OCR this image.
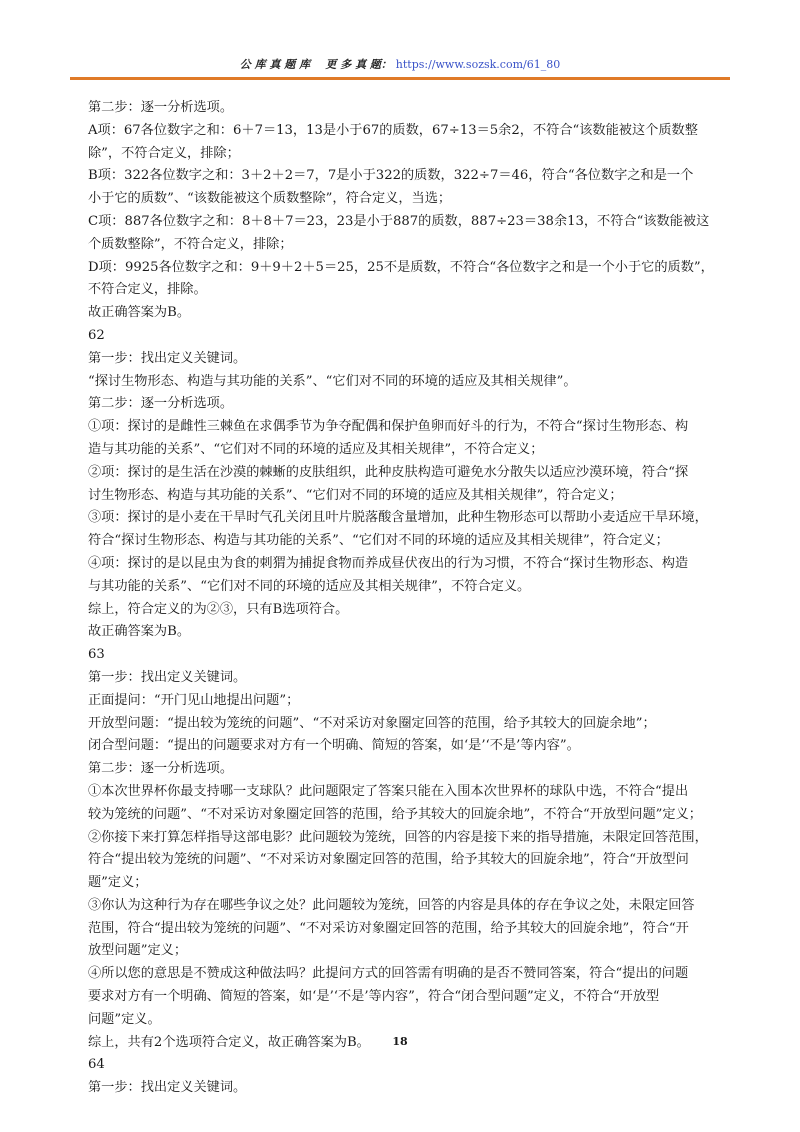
公 库 真 题 库 更 多 真 题： https://www.sozsk.com/61_80

第二步：逐一分析选项。

A项：67各位数字之和：6＋7＝13，13是小于67的质数，67÷13＝5余2，不符合“该数能被这个质数整

除”，不符合定义，排除；

B项：322各位数字之和：3＋2＋2＝7，7是小于322的质数，322÷7＝46，符合“各位数字之和是一个

小于它的质数”、“该数能被这个质数整除”，符合定义，当选；

C项：887各位数字之和：8＋8＋7＝23，23是小于887的质数，887÷23＝38余13，不符合“该数能被这

个质数整除”，不符合定义，排除；

D项：9925各位数字之和：9＋9＋2＋5＝25，25不是质数，不符合“各位数字之和是一个小于它的质数”，

不符合定义，排除。

故正确答案为B。

62

第一步：找出定义关键词。

“探讨生物形态、构造与其功能的关系”、“它们对不同的环境的适应及其相关规律”。

第二步：逐一分析选项。

①项：探讨的是雌性三棘鱼在求偶季节为争夺配偶和保护鱼卵而好斗的行为，不符合“探讨生物形态、构

造与其功能的关系”、“它们对不同的环境的适应及其相关规律”，不符合定义；

②项：探讨的是生活在沙漠的棘蜥的皮肤组织，此种皮肤构造可避免水分散失以适应沙漠环境，符合“探

讨生物形态、构造与其功能的关系”、“它们对不同的环境的适应及其相关规律”，符合定义；

③项：探讨的是小麦在干旱时气孔关闭且叶片脱落酸含量增加，此种生物形态可以帮助小麦适应干旱环境，

符合“探讨生物形态、构造与其功能的关系”、“它们对不同的环境的适应及其相关规律”，符合定义；

④项：探讨的是以昆虫为食的刺猬为捕捉食物而养成昼伏夜出的行为习惯，不符合“探讨生物形态、构造

与其功能的关系”、“它们对不同的环境的适应及其相关规律”，不符合定义。

综上，符合定义的为②③，只有B选项符合。

故正确答案为B。

63

第一步：找出定义关键词。

正面提问：“开门见山地提出问题”；

开放型问题：“提出较为笼统的问题”、“不对采访对象圈定回答的范围，给予其较大的回旋余地”；

闭合型问题：“提出的问题要求对方有一个明确、简短的答案，如‘是’‘不是’等内容”。

第二步：逐一分析选项。

①本次世界杯你最支持哪一支球队？此问题限定了答案只能在入围本次世界杯的球队中选，不符合“提出

较为笼统的问题”、“不对采访对象圈定回答的范围，给予其较大的回旋余地”，不符合“开放型问题”定义；

②你接下来打算怎样指导这部电影？此问题较为笼统，回答的内容是接下来的指导措施，未限定回答范围，

符合“提出较为笼统的问题”、“不对采访对象圈定回答的范围，给予其较大的回旋余地”，符合“开放型问

题”定义；

③你认为这种行为存在哪些争议之处？此问题较为笼统，回答的内容是具体的存在争议之处，未限定回答

范围，符合“提出较为笼统的问题”、“不对采访对象圈定回答的范围，给予其较大的回旋余地”，符合“开

放型问题”定义；

④所以您的意思是不赞成这种做法吗？此提问方式的回答需有明确的是否不赞同答案，符合“提出的问题

要求对方有一个明确、简短的答案，如‘是’‘不是’等内容”，符合“闭合型问题”定义，不符合“开放型

问题”定义。

综上，共有2个选项符合定义，故正确答案为B。

64

第一步：找出定义关键词。

18
